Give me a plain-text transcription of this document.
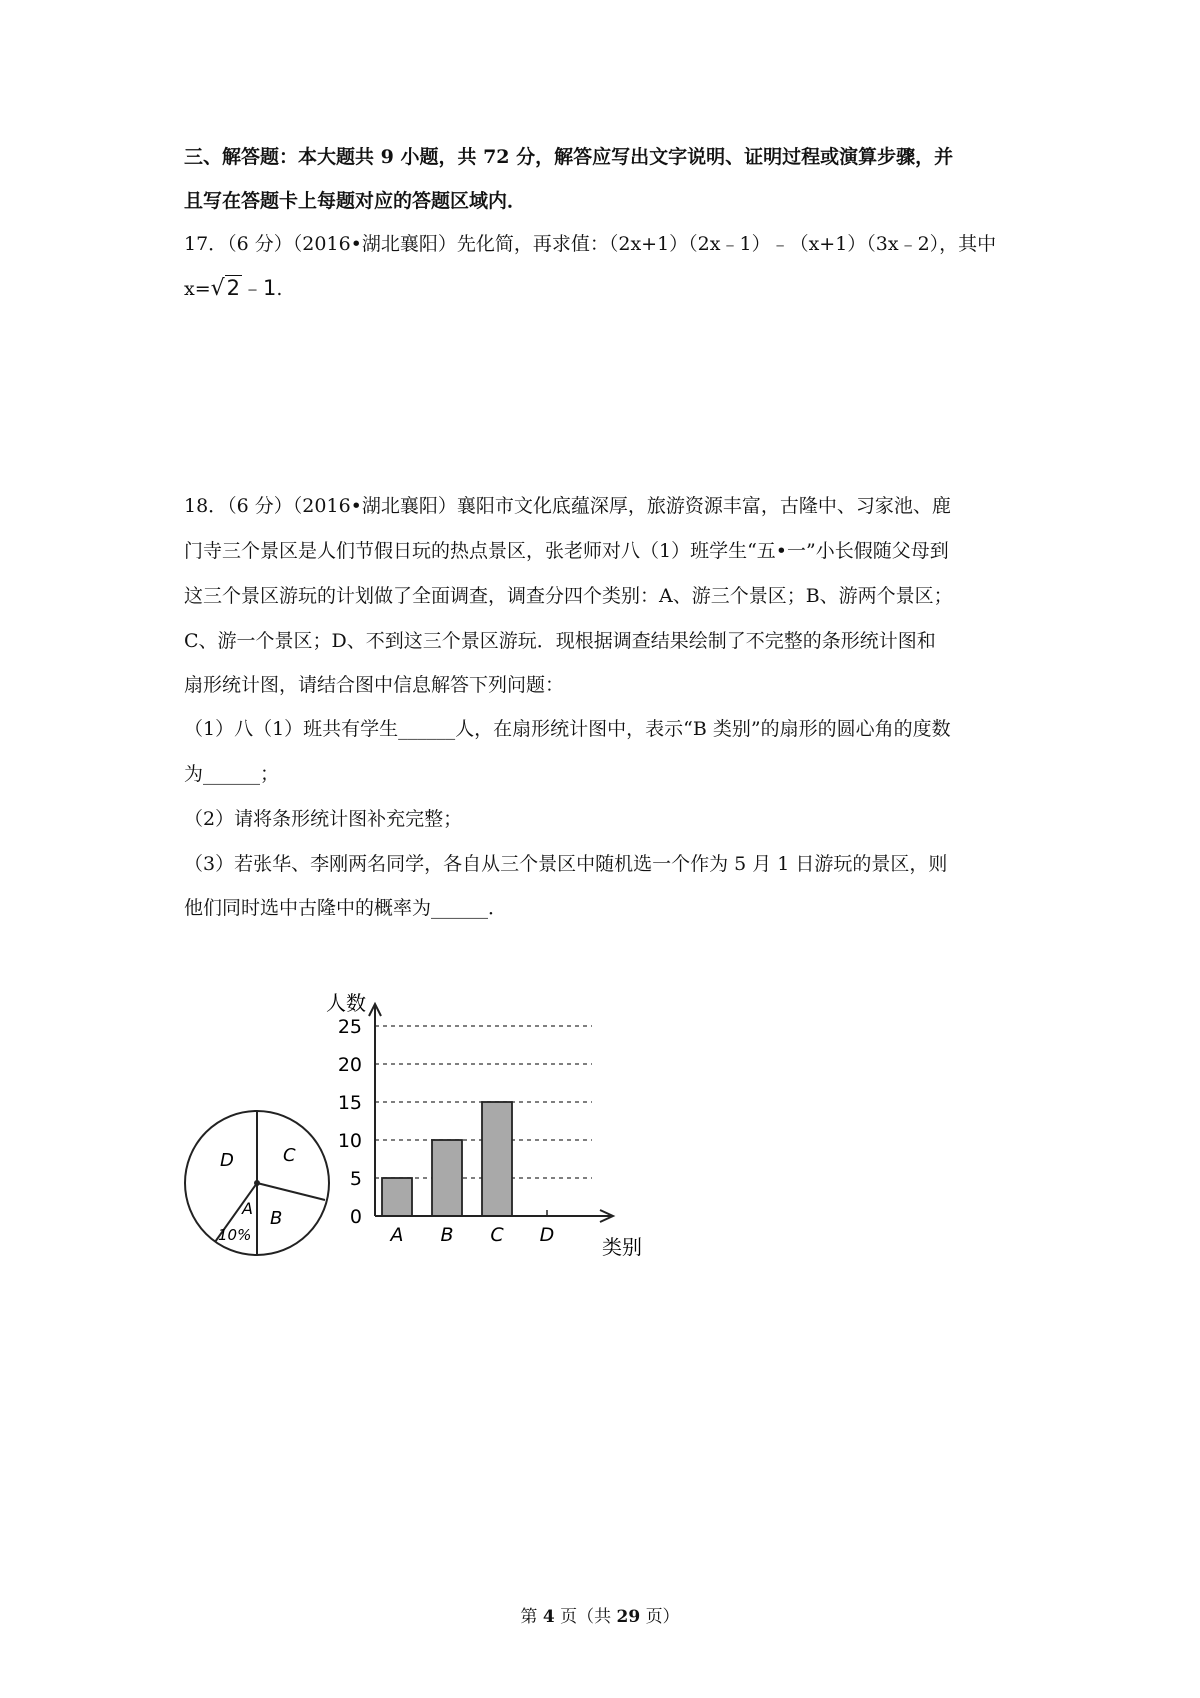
三、解答题：本大题共 9 小题，共 72 分，解答应写出文字说明、证明过程或演算步骤，并
且写在答题卡上每题对应的答题区域内．
17．（6 分）（2016•湖北襄阳）先化简，再求值：（2x+1）（2x﹣1）﹣（x+1）（3x﹣2），其中
x=√2﹣1.
18．（6 分）（2016•湖北襄阳）襄阳市文化底蕴深厚，旅游资源丰富，古隆中、习家池、鹿
门寺三个景区是人们节假日玩的热点景区，张老师对八（1）班学生“五•一”小长假随父母到
这三个景区游玩的计划做了全面调查，调查分四个类别：A、游三个景区；B、游两个景区；
C、游一个景区；D、不到这三个景区游玩．现根据调查结果绘制了不完整的条形统计图和
扇形统计图，请结合图中信息解答下列问题：
（1）八（1）班共有学生______人，在扇形统计图中，表示“B 类别”的扇形的圆心角的度数
为______；
（2）请将条形统计图补充完整；
（3）若张华、李刚两名同学，各自从三个景区中随机选一个作为 5 月 1 日游玩的景区，则
他们同时选中古隆中的概率为______．
D	C
B
A
10%
0
5
10
15
20
25
A B C D
人数
类别
第 4 页（共 29 页）
